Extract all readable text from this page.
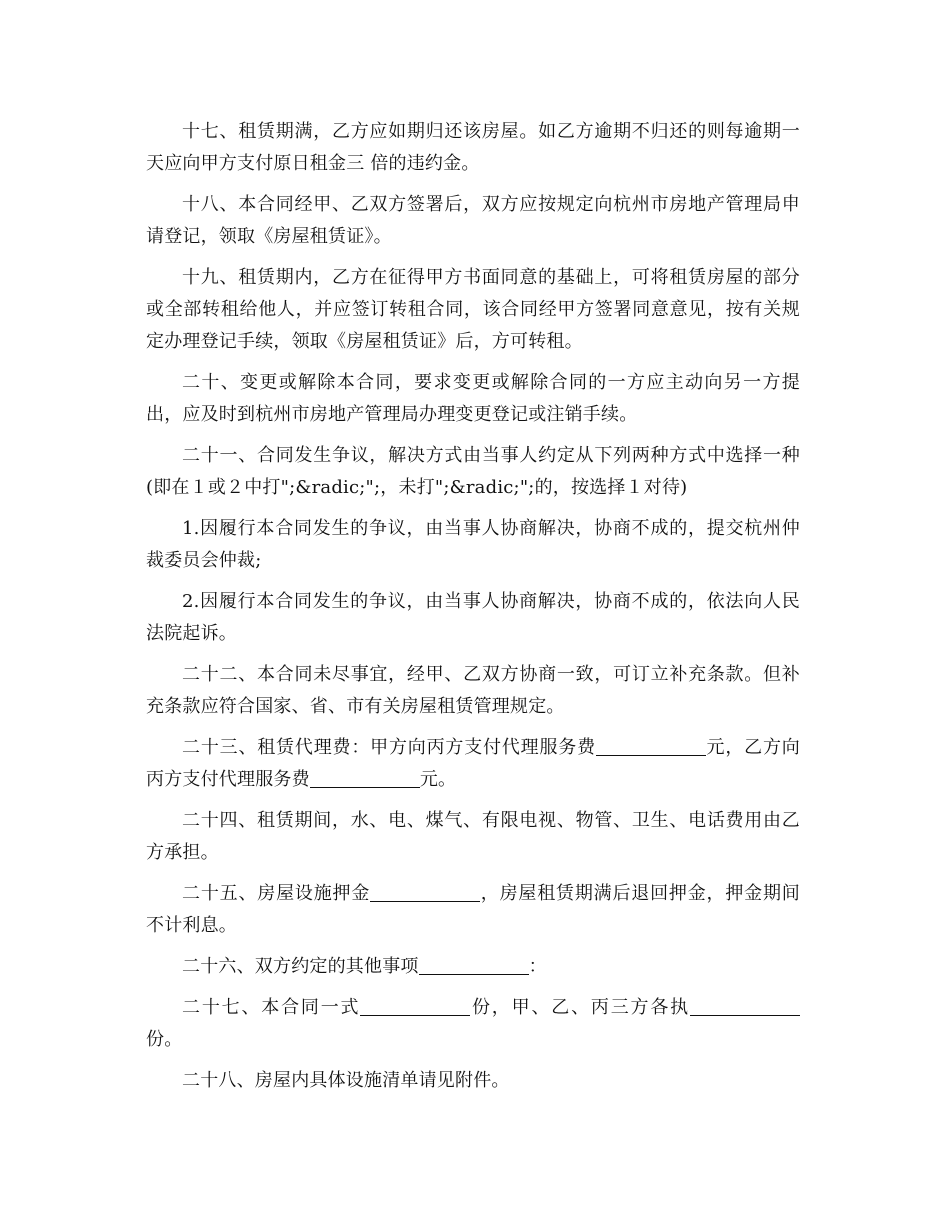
十七、租赁期满，乙方应如期归还该房屋。如乙方逾期不归还的则每逾期一天应向甲方支付原日租金三 倍的违约金。

十八、本合同经甲、乙双方签署后，双方应按规定向杭州市房地产管理局申请登记，领取《房屋租赁证》。

十九、租赁期内，乙方在征得甲方书面同意的基础上，可将租赁房屋的部分或全部转租给他人，并应签订转租合同，该合同经甲方签署同意意见，按有关规定办理登记手续，领取《房屋租赁证》后，方可转租。

二十、变更或解除本合同，要求变更或解除合同的一方应主动向另一方提出，应及时到杭州市房地产管理局办理变更登记或注销手续。

二十一、合同发生争议，解决方式由当事人约定从下列两种方式中选择一种(即在１或２中打";&radic;";，未打";&radic;";的，按选择１对待)

1.因履行本合同发生的争议，由当事人协商解决，协商不成的，提交杭州仲裁委员会仲裁;

2.因履行本合同发生的争议，由当事人协商解决，协商不成的，依法向人民法院起诉。

二十二、本合同未尽事宜，经甲、乙双方协商一致，可订立补充条款。但补充条款应符合国家、省、市有关房屋租赁管理规定。

二十三、租赁代理费：甲方向丙方支付代理服务费	元，乙方向丙方支付代理服务费	元。

二十四、租赁期间，水、电、煤气、有限电视、物管、卫生、电话费用由乙方承担。

二十五、房屋设施押金	，房屋租赁期满后退回押金，押金期间不计利息。

二十六、双方约定的其他事项	：

二十七、本合同一式	份，甲、乙、丙三方各执份。

二十八、房屋内具体设施清单请见附件。
